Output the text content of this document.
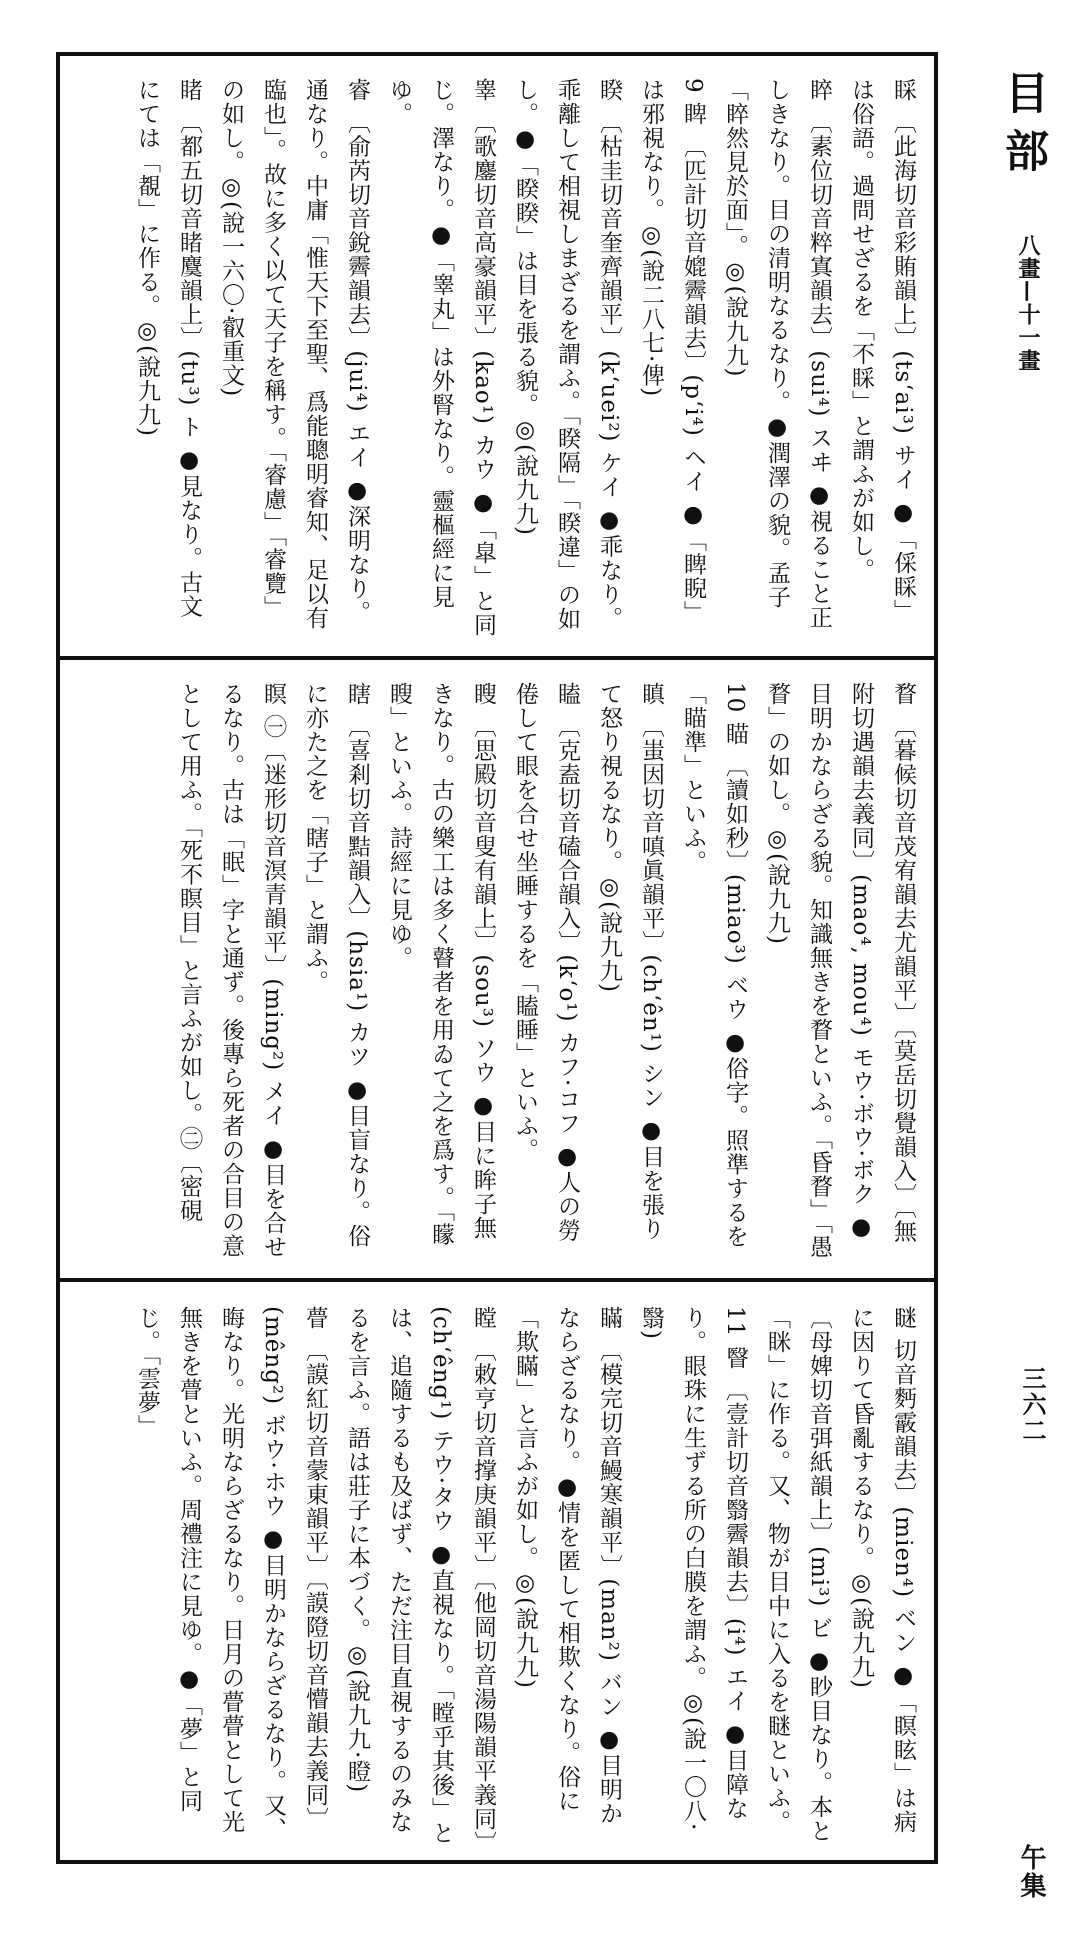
睬 〔此海切音彩賄韻上〕(tsʻai³) サイ ●「倸睬」は俗語。過問せざるを「不睬」と謂ふが如し。
睟 〔素位切音粹寘韻去〕(sui⁴) スヰ ●視ること正しきなり。目の清明なるなり。●潤澤の貌。孟子「睟然見於面」。◎(說九九)
9 睥 〔匹計切音媲霽韻去〕(pʻi⁴) ヘイ ●「睥睨」は邪視なり。◎(說二八七·俾)
睽 〔枯圭切音奎齊韻平〕(kʻuei²) ケイ ●乖なり。乖離して相視しまざるを謂ふ。「睽隔」「睽違」の如し。●「睽睽」は目を張る貌。◎(說九九)
睾 〔歌鏖切音高豪韻平〕(kao¹) カウ ●「皐」と同じ。澤なり。●「睾丸」は外腎なり。靈樞經に見ゆ。
睿 〔俞芮切音銳霽韻去〕(jui⁴) エイ ●深明なり。通なり。中庸「惟天下至聖、爲能聰明睿知、足以有臨也」。故に多く以て天子を稱す。「睿慮」「睿覽」の如し。◎(說一六〇·叡重文)
睹 〔都五切音睹麌韻上〕(tu³) ト ●見なり。古文にては「覩」に作る。◎(說九九)
瞀 〔暮候切音茂宥韻去尤韻平〕〔莫岳切覺韻入〕〔無附切遇韻去義同〕(mao⁴, mou⁴) モウ·ボウ·ボク ●目明かならざる貌。知識無きを瞀といふ。「昏瞀」「愚瞀」の如し。◎(說九九)
10 瞄 〔讀如秒〕(miao³) ベウ ●俗字。照準するを「瞄準」といふ。
瞋 〔蚩因切音嗔眞韻平〕(chʻên¹) シン ●目を張りて怒り視るなり。◎(說九九)
瞌 〔克盍切音磕合韻入〕(kʻo¹) カフ·コフ ●人の勞倦して眼を合せ坐睡するを「瞌睡」といふ。
瞍 〔思殿切音叟有韻上〕(sou³) ソウ ●目に眸子無きなり。古の樂工は多く瞽者を用ゐて之を爲す。「矇瞍」といふ。詩經に見ゆ。
瞎 〔喜剎切音黠韻入〕(hsia¹) カツ ●目盲なり。俗に亦た之を「瞎子」と謂ふ。
瞑 ㊀〔迷形切音溟青韻平〕(ming²) メイ ●目を合せるなり。古は「眠」字と通ず。後專ら死者の合目の意として用ふ。「死不瞑目」と言ふが如し。㊁〔密硯
瞇 切音麪霰韻去〕(mien⁴) ベン ●「瞑眩」は病に因りて昏亂するなり。◎(說九九)
〔母婢切音弭紙韻上〕(mi³) ビ ●眇目なり。本と「眯」に作る。又、物が目中に入るを瞇といふ。
11 瞖 〔壹計切音翳霽韻去〕(i⁴) エイ ●目障なり。眼珠に生ずる所の白膜を謂ふ。◎(說一〇八·翳)
瞞 〔模完切音鰻寒韻平〕(man²) バン ●目明かならざるなり。●情を匿して相欺くなり。俗に「欺瞞」と言ふが如し。◎(說九九)
瞠 〔敕亨切音撑庚韻平〕〔他岡切音湯陽韻平義同〕(chʻêng¹) テウ·タウ ●直視なり。「瞠乎其後」とは、追隨するも及ばず、ただ注目直視するのみなるを言ふ。語は莊子に本づく。◎(說九九·瞪)
瞢 〔謨紅切音蒙東韻平〕〔謨隥切音懵韻去義同〕(mêng²) ボウ·ホウ ●目明かならざるなり。又、晦なり。光明ならざるなり。日月の瞢瞢として光無きを瞢といふ。周禮注に見ゆ。●「夢」と同じ。「雲夢」
目部
八畫—十一畫
三六二
午集
